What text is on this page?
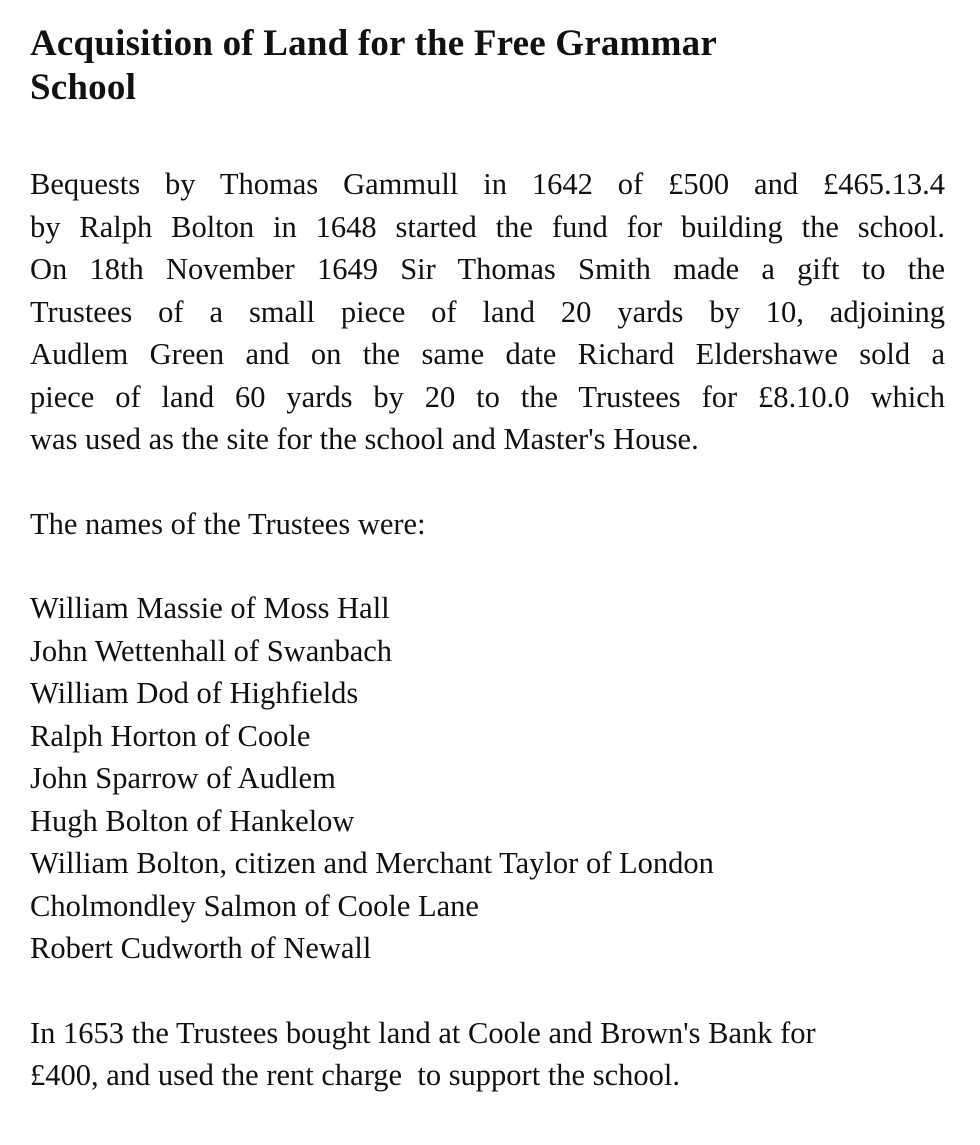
Acquisition of Land for the Free Grammar
School

Bequests by Thomas Gammull in 1642 of £500 and £465.13.4
by Ralph Bolton in 1648 started the fund for building the school.
On 18th November 1649 Sir Thomas Smith made a gift to the
Trustees of a small piece of land 20 yards by 10, adjoining
Audlem Green and on the same date Richard Eldershawe sold a
piece of land 60 yards by 20 to the Trustees for £8.10.0 which
was used as the site for the school and Master's House.

The names of the Trustees were:

William Massie of Moss Hall
John Wettenhall of Swanbach
William Dod of Highfields
Ralph Horton of Coole
John Sparrow of Audlem
Hugh Bolton of Hankelow
William Bolton, citizen and Merchant Taylor of London
Cholmondley Salmon of Coole Lane
Robert Cudworth of Newall

In 1653 the Trustees bought land at Coole and Brown's Bank for
£400, and used the rent charge  to support the school.
